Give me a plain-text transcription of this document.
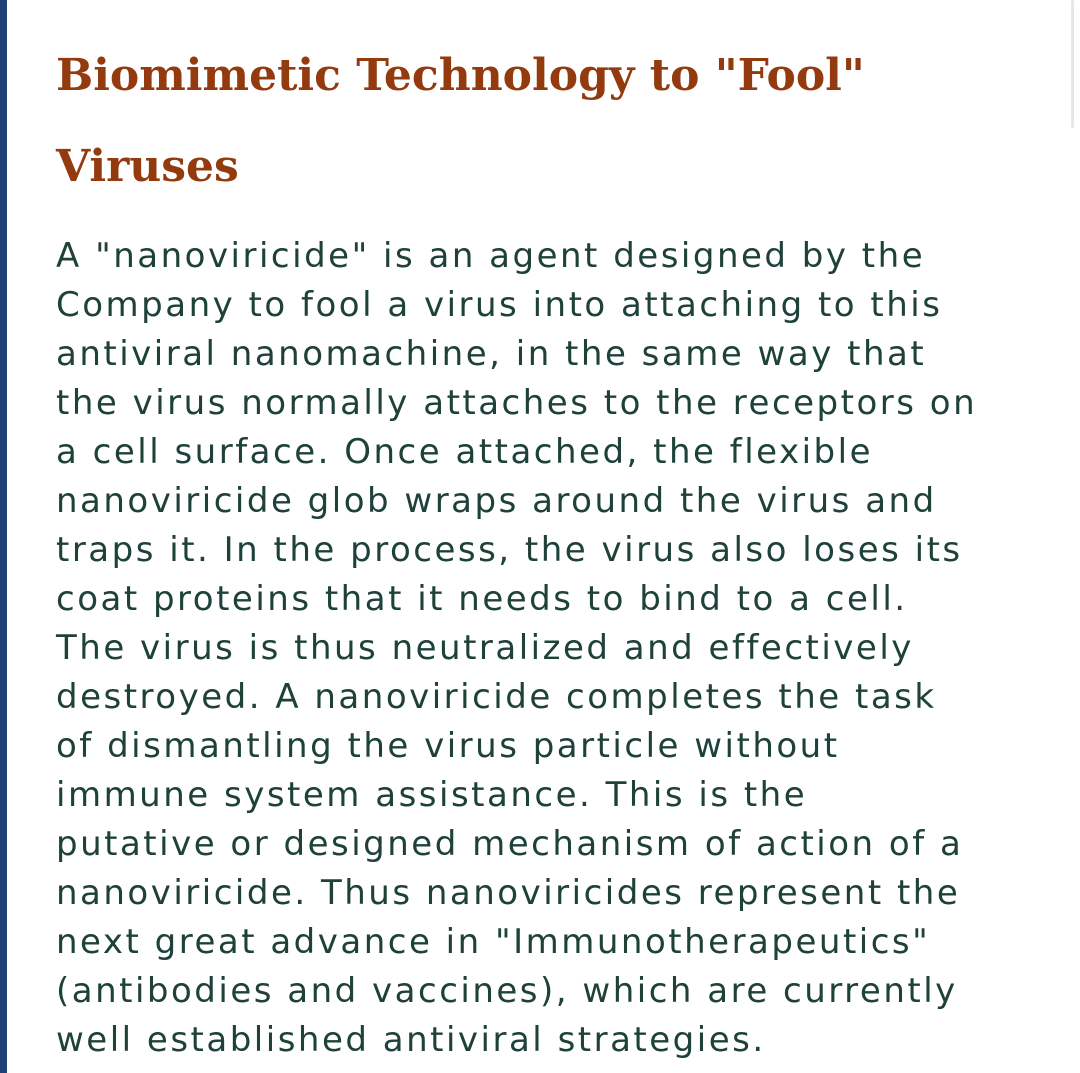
Biomimetic Technology to "Fool"
Viruses

A "nanoviricide" is an agent designed by the
Company to fool a virus into attaching to this
antiviral nanomachine, in the same way that
the virus normally attaches to the receptors on
a cell surface. Once attached, the flexible
nanoviricide glob wraps around the virus and
traps it. In the process, the virus also loses its
coat proteins that it needs to bind to a cell.
The virus is thus neutralized and effectively
destroyed. A nanoviricide completes the task
of dismantling the virus particle without
immune system assistance. This is the
putative or designed mechanism of action of a
nanoviricide. Thus nanoviricides represent the
next great advance in "Immunotherapeutics"
(antibodies and vaccines), which are currently
well established antiviral strategies.
